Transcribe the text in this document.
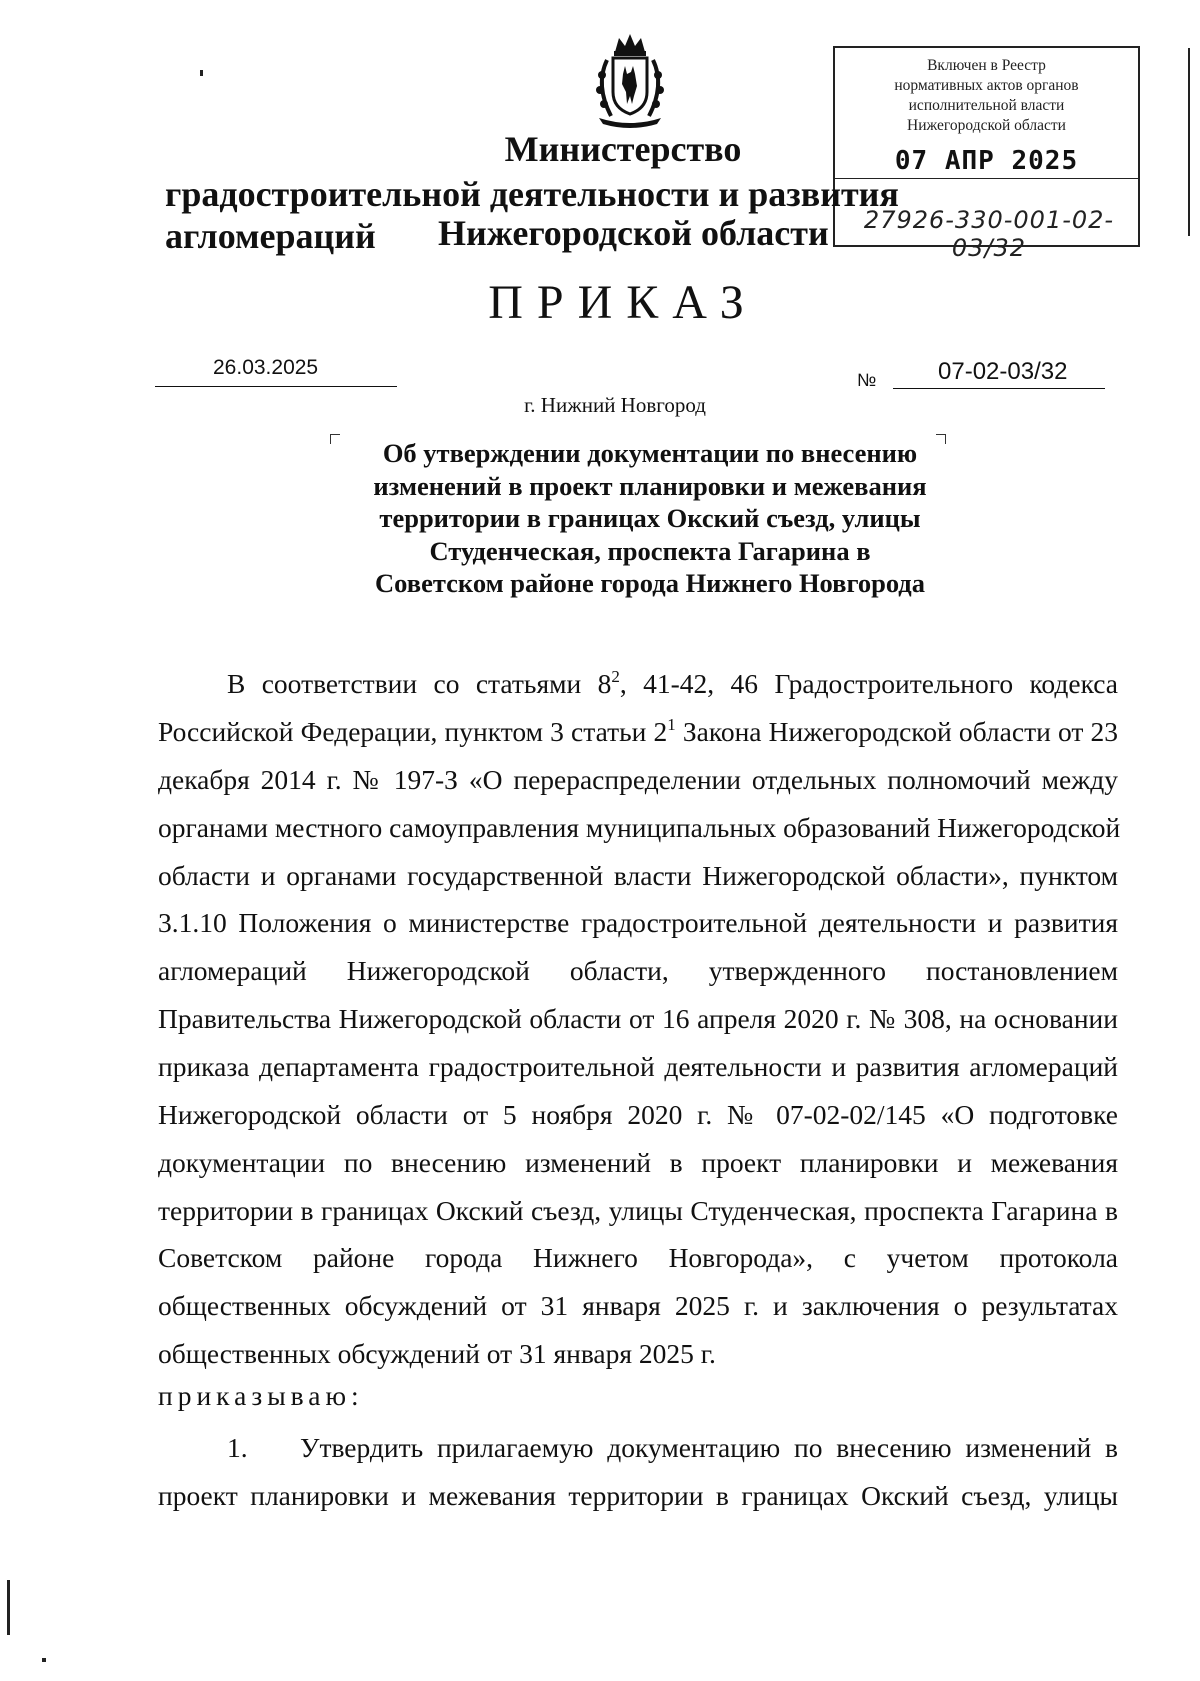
Включен в Реестр
нормативных актов органов
исполнительной власти
Нижегородской области
07 АПР 2025
27926-330-001-02-03/32
Министерство
градостроительной деятельности и развития агломераций	Нижегородской области
ПРИКАЗ
26.03.2025
№	07-02-03/32
г. Нижний Новгород
Об утверждении документации по внесению
изменений в проект планировки и межевания
территории в границах Окский съезд, улицы
Студенческая, проспекта Гагарина в
Советском районе города Нижнего Новгорода
В соответствии со статьями $8^2$, 41-42, 46 Градостроительного кодекса
Российской Федерации, пунктом 3 статьи $2^1$ Закона Нижегородской области от 23
декабря 2014 г. № 197-З «О перераспределении отдельных полномочий между
органами местного самоуправления муниципальных образований Нижегородской
области и органами государственной власти Нижегородской области», пунктом
3.1.10 Положения о министерстве градостроительной деятельности и развития
агломераций Нижегородской области, утвержденного постановлением
Правительства Нижегородской области от 16 апреля 2020 г. № 308, на основании
приказа департамента градостроительной деятельности и развития агломераций
Нижегородской области от 5 ноября 2020 г. № 07-02-02/145 «О подготовке
документации по внесению изменений в проект планировки и межевания
территории в границах Окский съезд, улицы Студенческая, проспекта Гагарина в
Советском районе города Нижнего Новгорода», с учетом протокола
общественных обсуждений от 31 января 2025 г. и заключения о результатах
общественных обсуждений от 31 января 2025 г.
приказываю:
1. Утвердить прилагаемую документацию по внесению изменений в
проект планировки и межевания территории в границах Окский съезд, улицы
